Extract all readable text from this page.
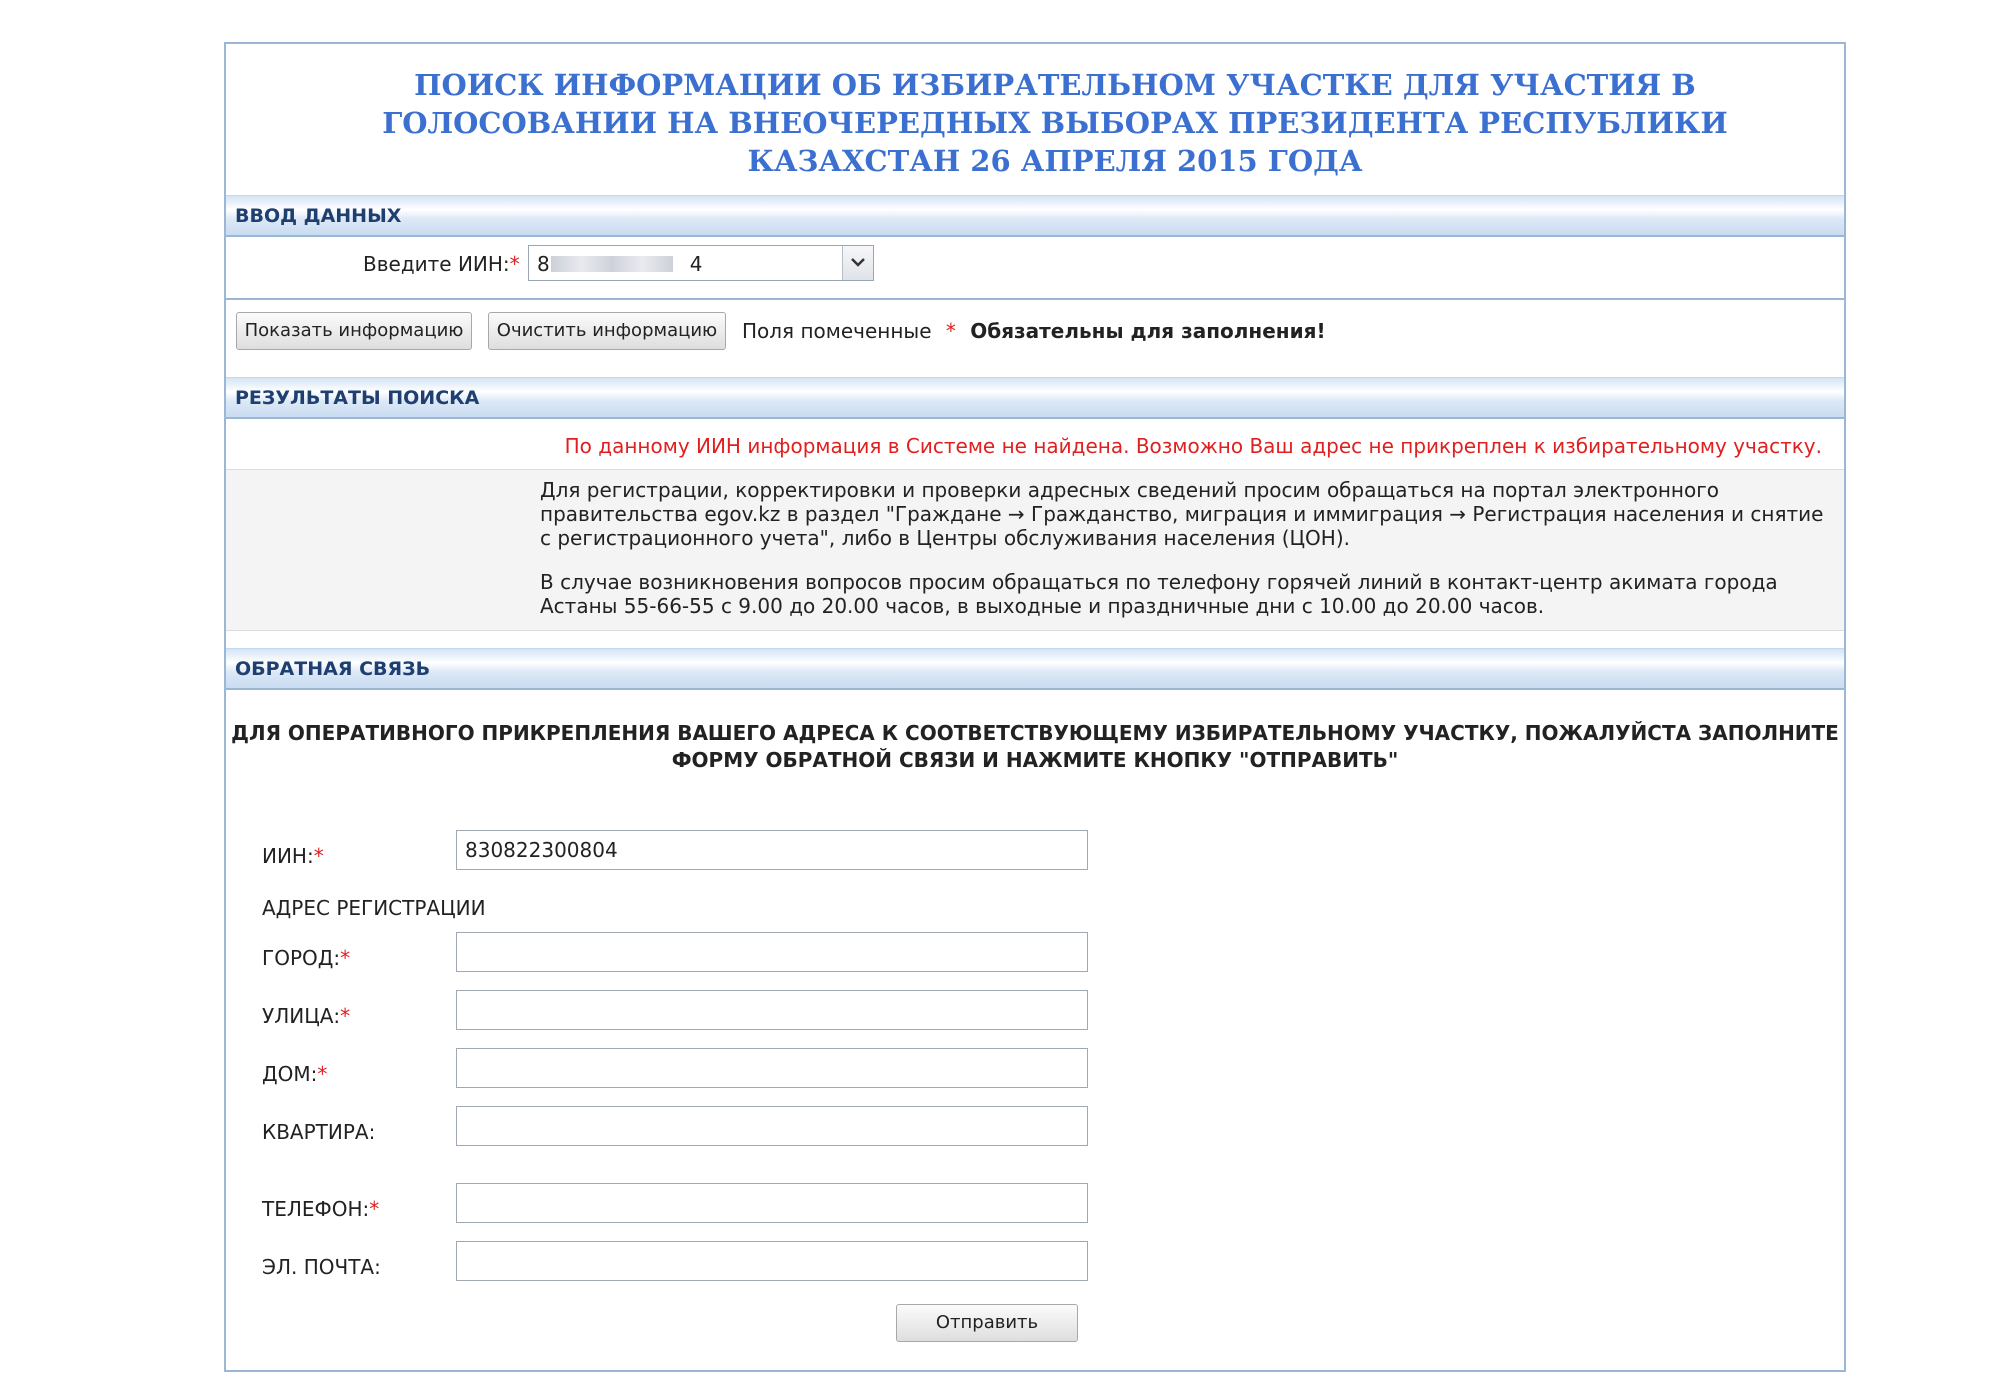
ПОИСК ИНФОРМАЦИИ ОБ ИЗБИРАТЕЛЬНОМ УЧАСТКЕ ДЛЯ УЧАСТИЯ В
ГОЛОСОВАНИИ НА ВНЕОЧЕРЕДНЫХ ВЫБОРАХ ПРЕЗИДЕНТА РЕСПУБЛИКИ
КАЗАХСТАН 26 АПРЕЛЯ 2015 ГОДА
ВВОД ДАННЫХ
Введите ИИН:* 8	4
Показать информацию	Очистить информацию	Поля помеченные * Обязательны для заполнения!
РЕЗУЛЬТАТЫ ПОИСКА
По данному ИИН информация в Системе не найдена. Возможно Ваш адрес не прикреплен к избирательному участку.
Для регистрации, корректировки и проверки адресных сведений просим обращаться на портал электронного правительства egov.kz в раздел "Граждане → Гражданство, миграция и иммиграция → Регистрация населения и снятие с регистрационного учета", либо в Центры обслуживания населения (ЦОН).
В случае возникновения вопросов просим обращаться по телефону горячей линий в контакт-центр акимата города Астаны 55-66-55 с 9.00 до 20.00 часов, в выходные и праздничные дни с 10.00 до 20.00 часов.
ОБРАТНАЯ СВЯЗЬ
ДЛЯ ОПЕРАТИВНОГО ПРИКРЕПЛЕНИЯ ВАШЕГО АДРЕСА К СООТВЕТСТВУЮЩЕМУ ИЗБИРАТЕЛЬНОМУ УЧАСТКУ, ПОЖАЛУЙСТА ЗАПОЛНИТЕ
ФОРМУ ОБРАТНОЙ СВЯЗИ И НАЖМИТЕ КНОПКУ "ОТПРАВИТЬ"
ИИН:*	830822300804
АДРЕС РЕГИСТРАЦИИ
ГОРОД:*
УЛИЦА:*
ДОМ:*
КВАРТИРА:
ТЕЛЕФОН:*
ЭЛ. ПОЧТА:
Отправить
